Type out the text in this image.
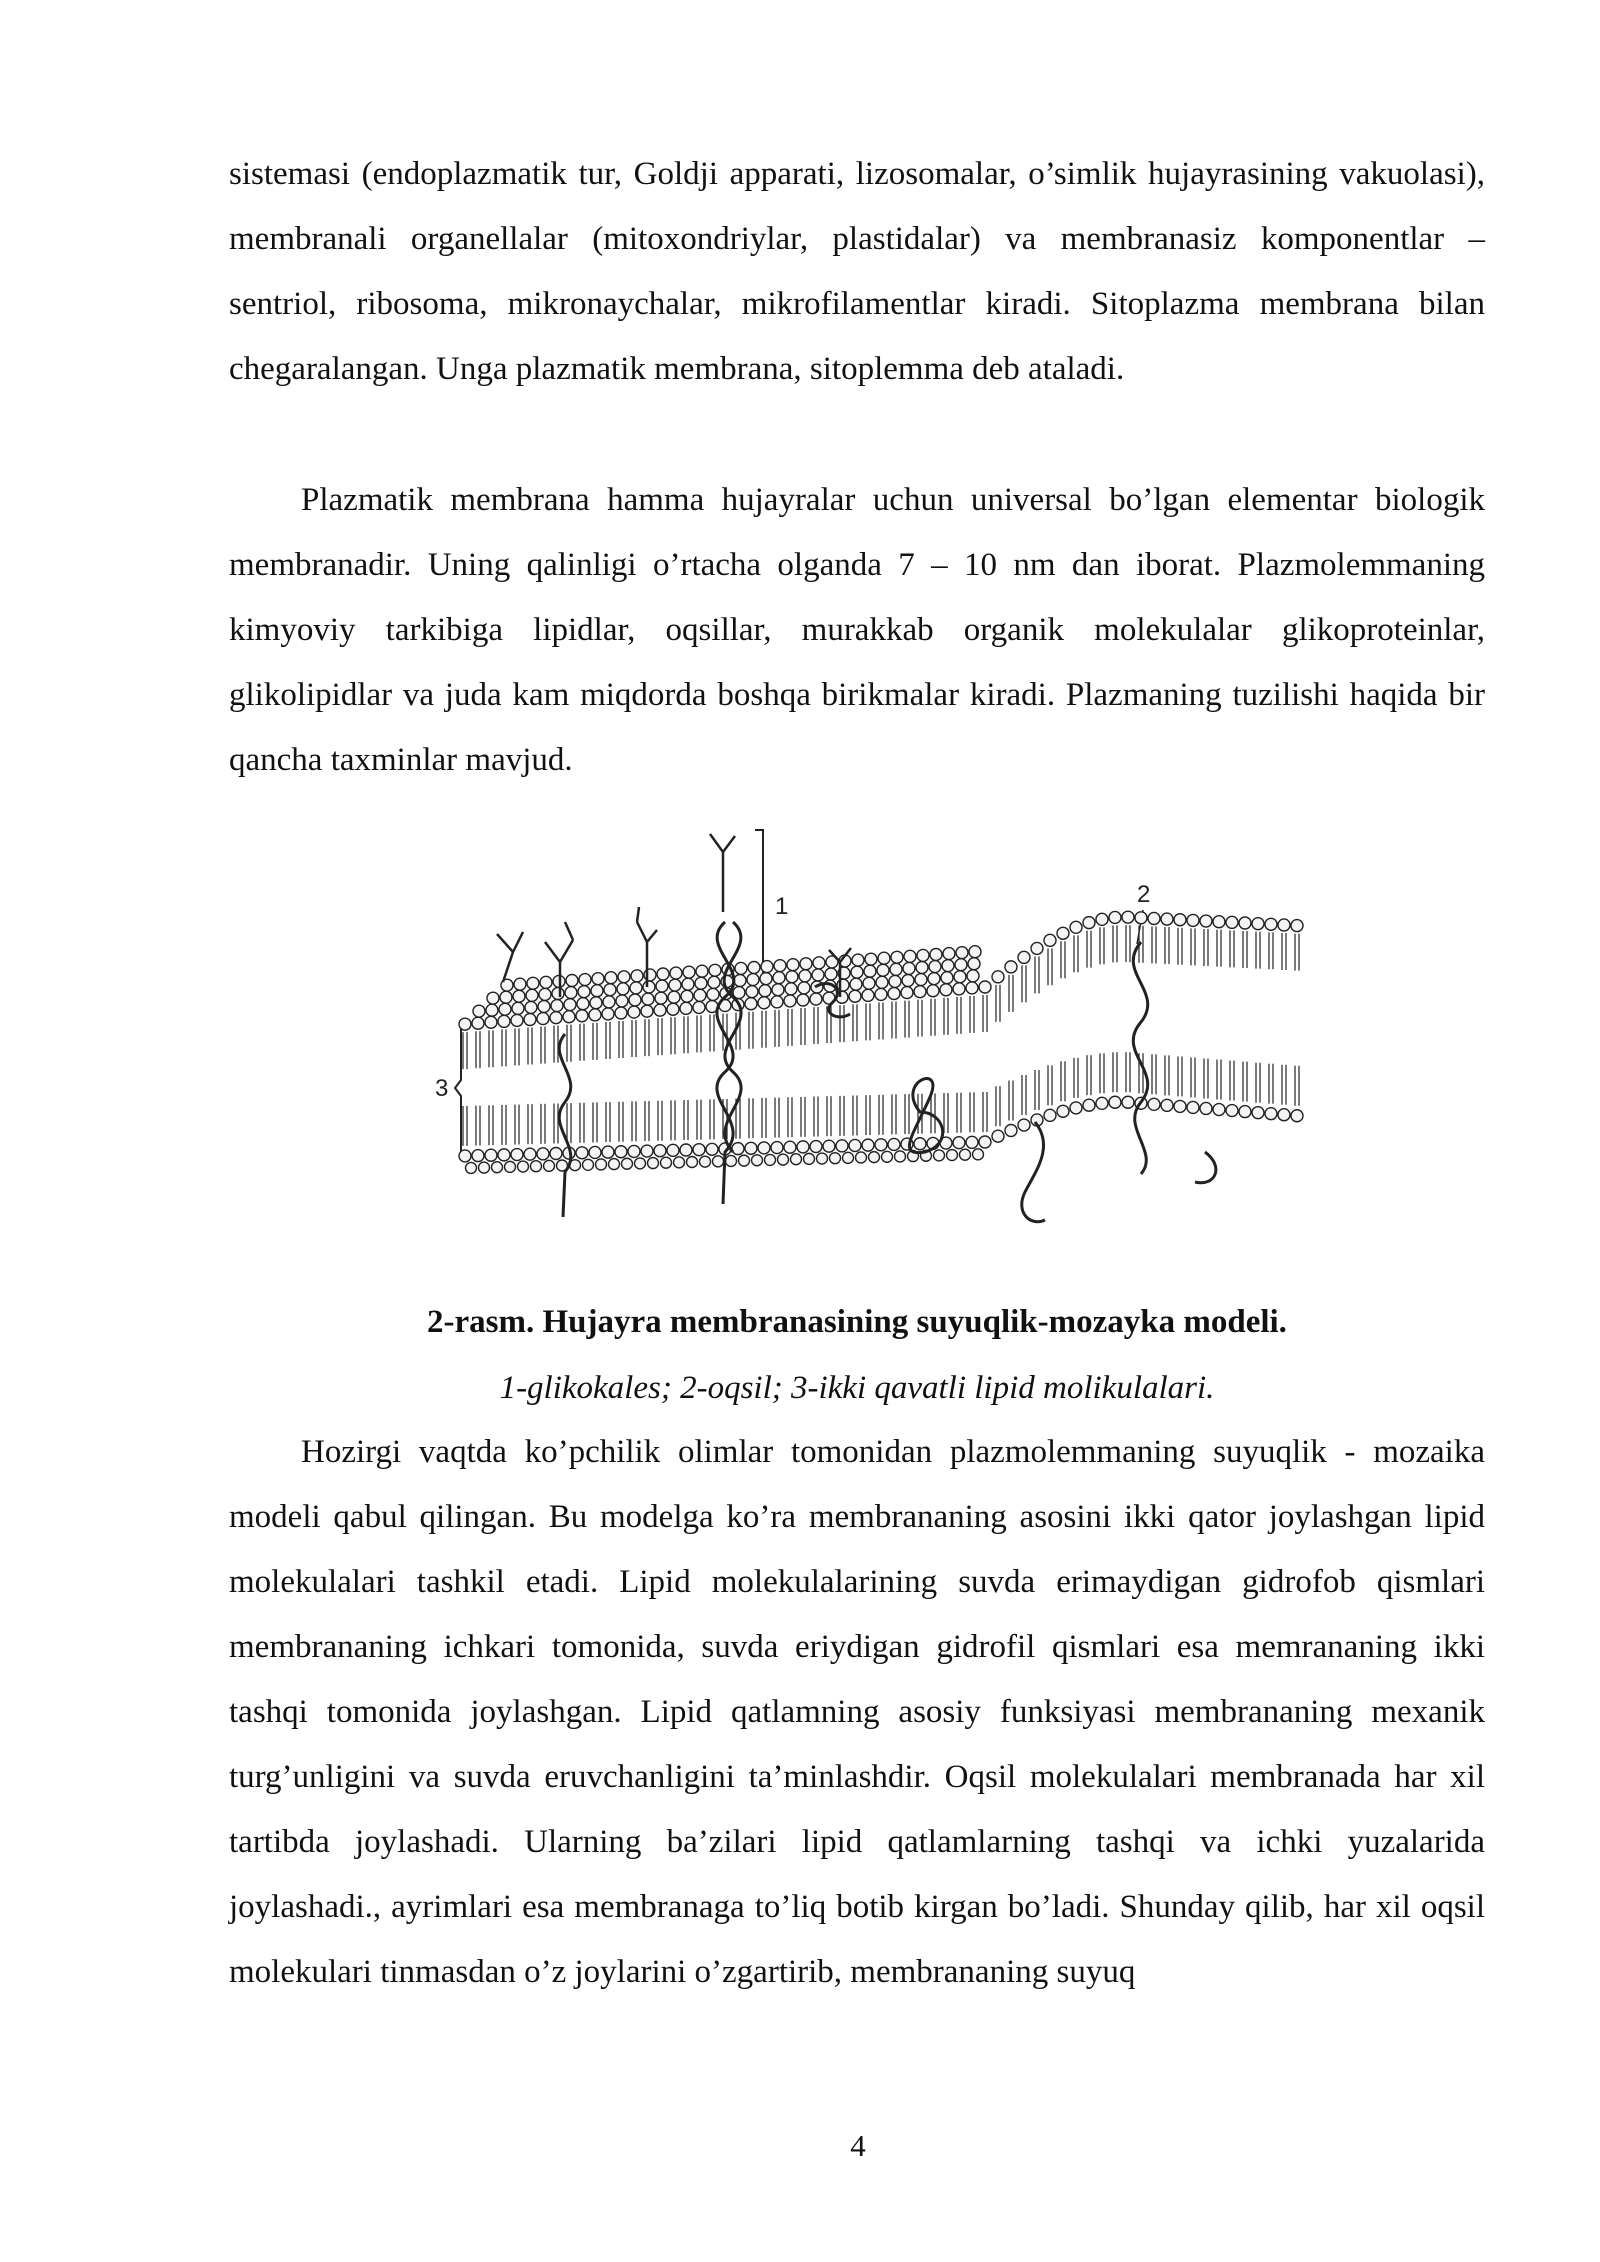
sistemasi (endoplazmatik tur, Goldji apparati, lizosomalar, o’simlik hujayrasining vakuolasi), membranali organellalar (mitoxondriylar, plastidalar) va membranasiz komponentlar – sentriol, ribosoma, mikronaychalar, mikrofilamentlar kiradi. Sitoplazma membrana bilan chegaralangan. Unga plazmatik membrana, sitoplemma deb ataladi.

Plazmatik membrana hamma hujayralar uchun universal bo’lgan elementar biologik membranadir. Uning qalinligi o’rtacha olganda 7 – 10 nm dan iborat. Plazmolemmaning kimyoviy tarkibiga lipidlar, oqsillar, murakkab organik molekulalar glikoproteinlar, glikolipidlar va juda kam miqdorda boshqa birikmalar kiradi. Plazmaning tuzilishi haqida bir qancha taxminlar mavjud.

1	2
3

2-rasm. Hujayra membranasining suyuqlik-mozayka modeli.

1-glikokales; 2-oqsil; 3-ikki qavatli lipid molikulalari.

Hozirgi vaqtda ko’pchilik olimlar tomonidan plazmolemmaning suyuqlik - mozaika modeli qabul qilingan. Bu modelga ko’ra membrananing asosini ikki qator joylashgan lipid molekulalari tashkil etadi. Lipid molekulalarining suvda erimaydigan gidrofob qismlari membrananing ichkari tomonida, suvda eriydigan gidrofil qismlari esa memrananing ikki tashqi tomonida joylashgan. Lipid qatlamning asosiy funksiyasi membrananing mexanik turg’unligini va suvda eruvchanligini ta’minlashdir. Oqsil molekulalari membranada har xil tartibda joylashadi. Ularning ba’zilari lipid qatlamlarning tashqi va ichki yuzalarida joylashadi., ayrimlari esa membranaga to’liq botib kirgan bo’ladi. Shunday qilib, har xil oqsil molekulari tinmasdan o’z joylarini o’zgartirib, membrananing suyuq

4
